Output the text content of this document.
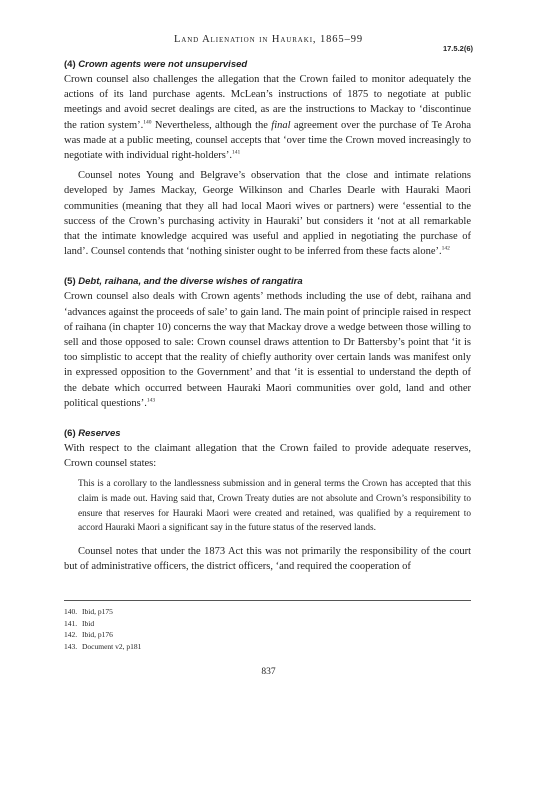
Land Alienation in Hauraki, 1865–99
17.5.2(6)
(4) Crown agents were not unsupervised

Crown counsel also challenges the allegation that the Crown failed to monitor adequately the actions of its land purchase agents. McLean’s instructions of 1875 to negotiate at public meetings and avoid secret dealings are cited, as are the instructions to Mackay to ‘discontinue the ration system’.$^{140}$ Nevertheless, although the final agreement over the purchase of Te Aroha was made at a public meeting, counsel accepts that ‘over time the Crown moved increasingly to negotiate with individual right-holders’.$^{141}$

Counsel notes Young and Belgrave’s observation that the close and intimate relations developed by James Mackay, George Wilkinson and Charles Dearle with Hauraki Maori communities (meaning that they all had local Maori wives or partners) were ‘essential to the success of the Crown’s purchasing activity in Hauraki’ but considers it ‘not at all remarkable that the intimate knowledge acquired was useful and applied in negotiating the purchase of land’. Counsel contends that ‘nothing sinister ought to be inferred from these facts alone’.$^{142}$

(5) Debt, raihana, and the diverse wishes of rangatira

Crown counsel also deals with Crown agents’ methods including the use of debt, raihana and ‘advances against the proceeds of sale’ to gain land. The main point of principle raised in respect of raihana (in chapter 10) concerns the way that Mackay drove a wedge between those willing to sell and those opposed to sale: Crown counsel draws attention to Dr Battersby’s point that ‘it is too simplistic to accept that the reality of chiefly authority over certain lands was manifest only in expressed opposition to the Government’ and that ‘it is essential to understand the depth of the debate which occurred between Hauraki Maori communities over gold, land and other political questions’.$^{143}$

(6) Reserves

With respect to the claimant allegation that the Crown failed to provide adequate reserves, Crown counsel states:

This is a corollary to the landlessness submission and in general terms the Crown has accepted that this claim is made out. Having said that, Crown Treaty duties are not absolute and Crown’s responsibility to ensure that reserves for Hauraki Maori were created and retained, was qualified by a requirement to accord Hauraki Maori a significant say in the future status of the reserved lands.

Counsel notes that under the 1873 Act this was not primarily the responsibility of the court but of administrative officers, the district officers, ‘and required the cooperation of

140. Ibid, p175
141. Ibid
142. Ibid, p176
143. Document v2, p181
837
